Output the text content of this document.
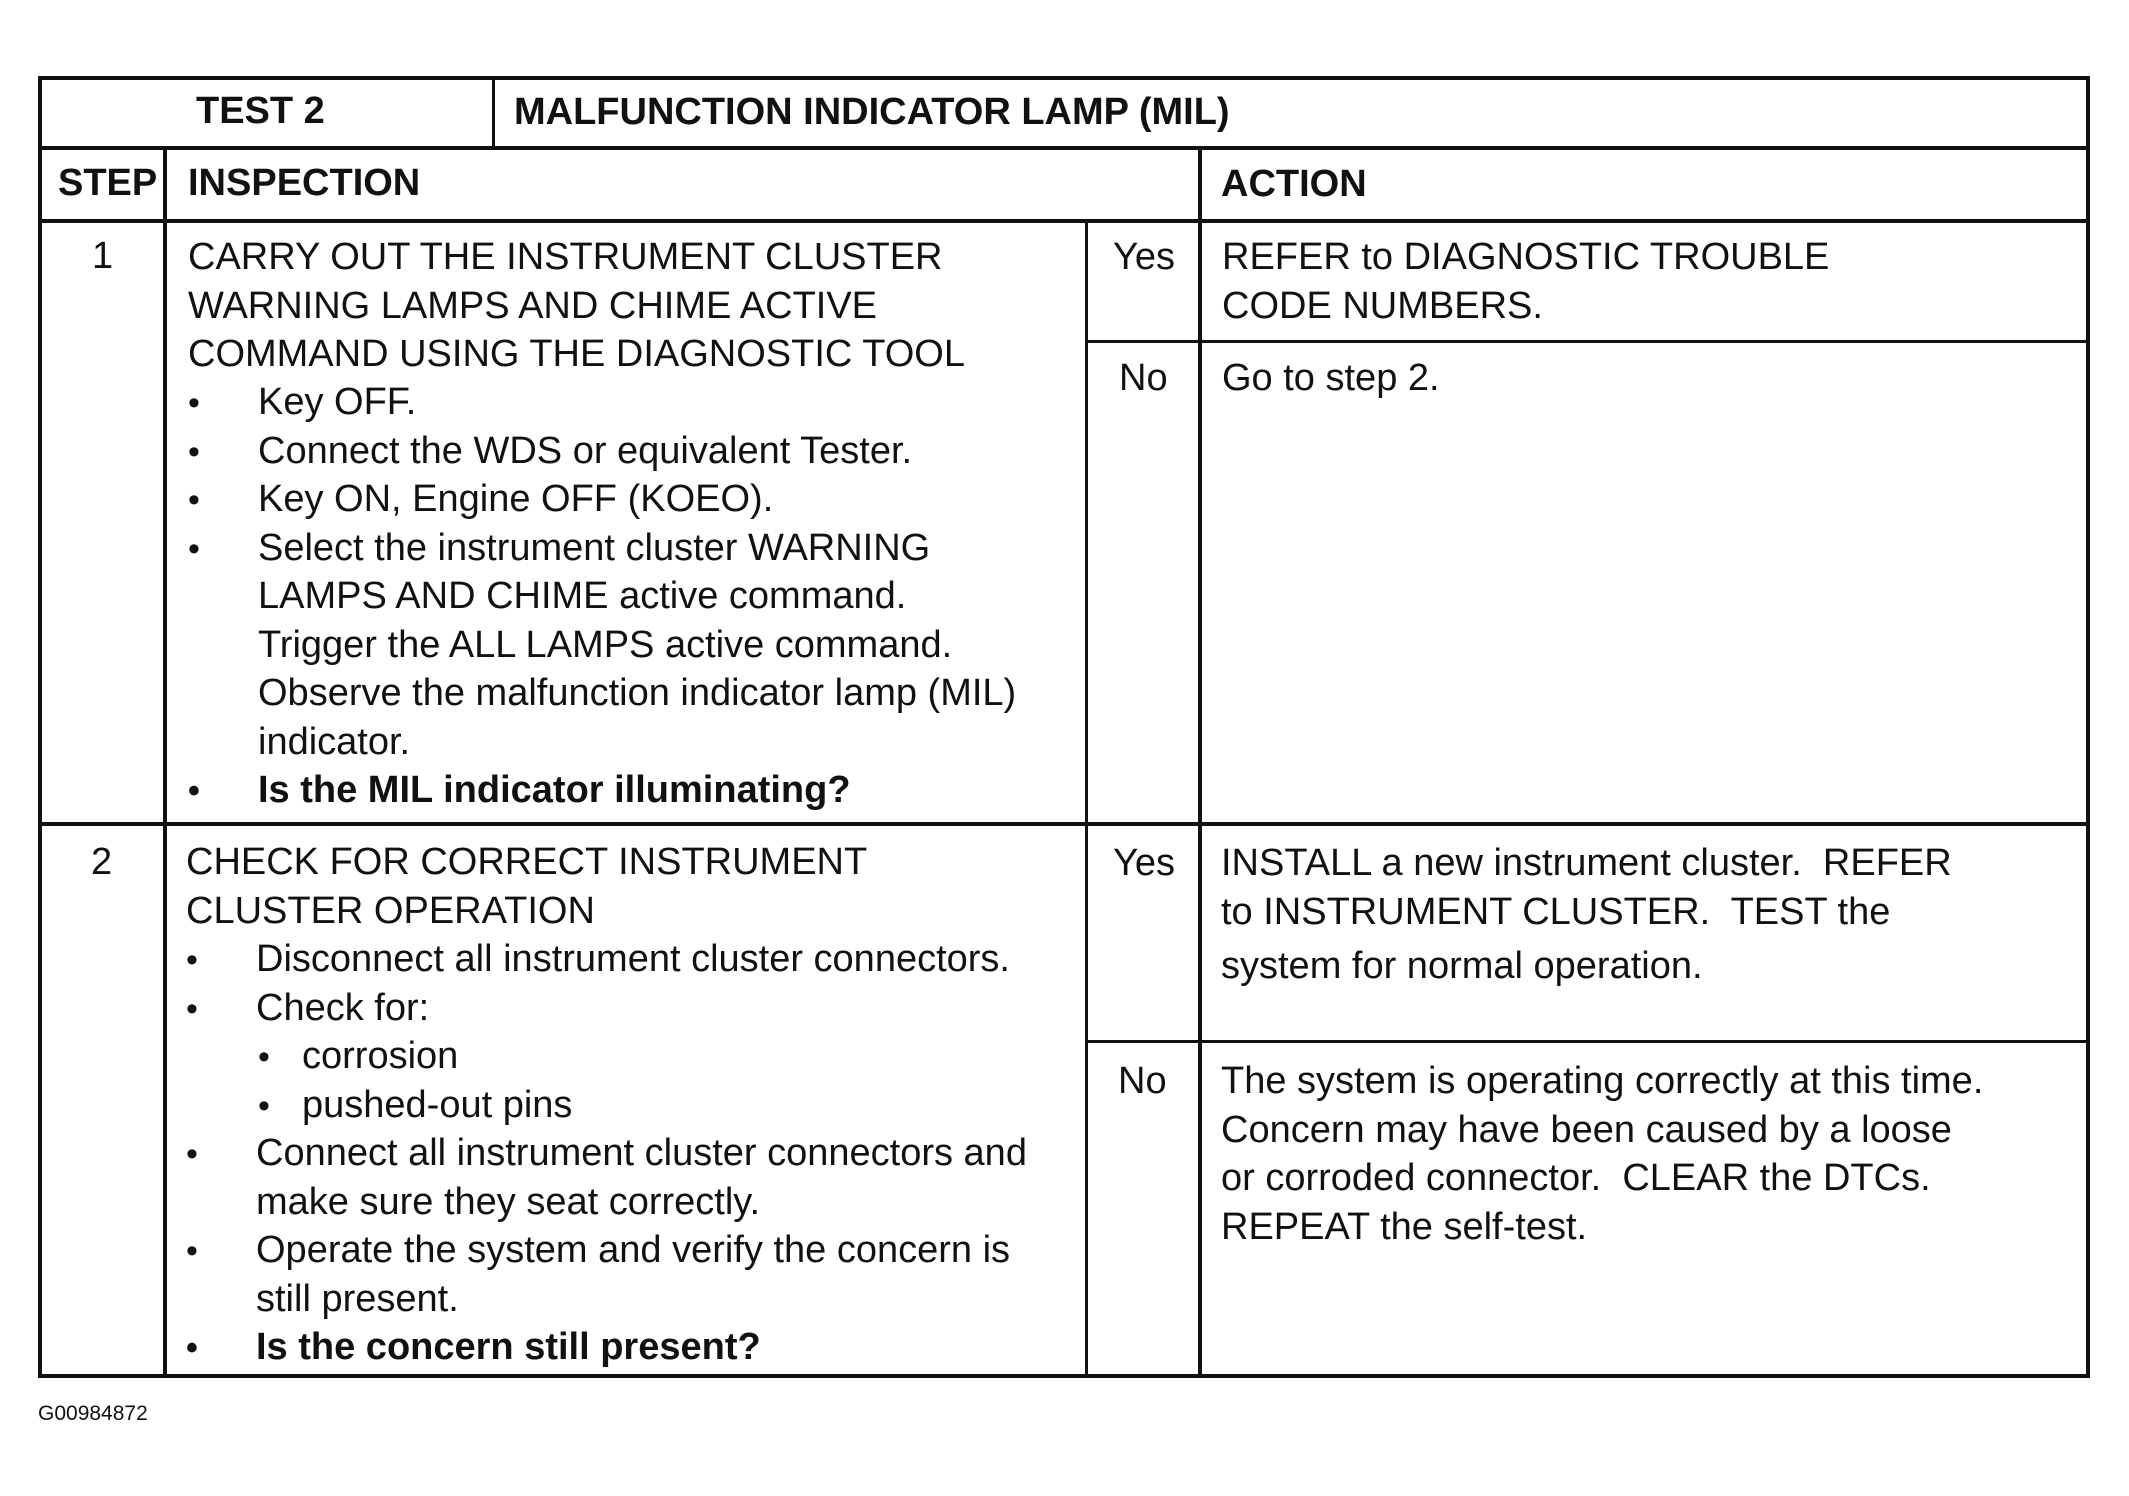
TEST 2	MALFUNCTION INDICATOR LAMP (MIL)
STEP INSPECTION	ACTION
1 CARRY OUT THE INSTRUMENT CLUSTER
WARNING LAMPS AND CHIME ACTIVE
COMMAND USING THE DIAGNOSTIC TOOL
•
Key OFF.
•
Connect the WDS or equivalent Tester.
•
Key ON, Engine OFF (KOEO).
•
Select the instrument cluster WARNING
LAMPS AND CHIME active command.
Trigger the ALL LAMPS active command.
Observe the malfunction indicator lamp (MIL)
indicator.
•
Is the MIL indicator illuminating?
Yes REFER to DIAGNOSTIC TROUBLE
CODE NUMBERS.
No Go to step 2.
2 CHECK FOR CORRECT INSTRUMENT
CLUSTER OPERATION
•
Disconnect all instrument cluster connectors.
•
Check for:
•
corrosion
•
pushed-out pins
•
Connect all instrument cluster connectors and
make sure they seat correctly.
•
Operate the system and verify the concern is
still present.
•
Is the concern still present?
Yes INSTALL a new instrument cluster.  REFER
to INSTRUMENT CLUSTER.  TEST the
system for normal operation.
No The system is operating correctly at this time.
Concern may have been caused by a loose
or corroded connector.  CLEAR the DTCs.
REPEAT the self-test.
G00984872
